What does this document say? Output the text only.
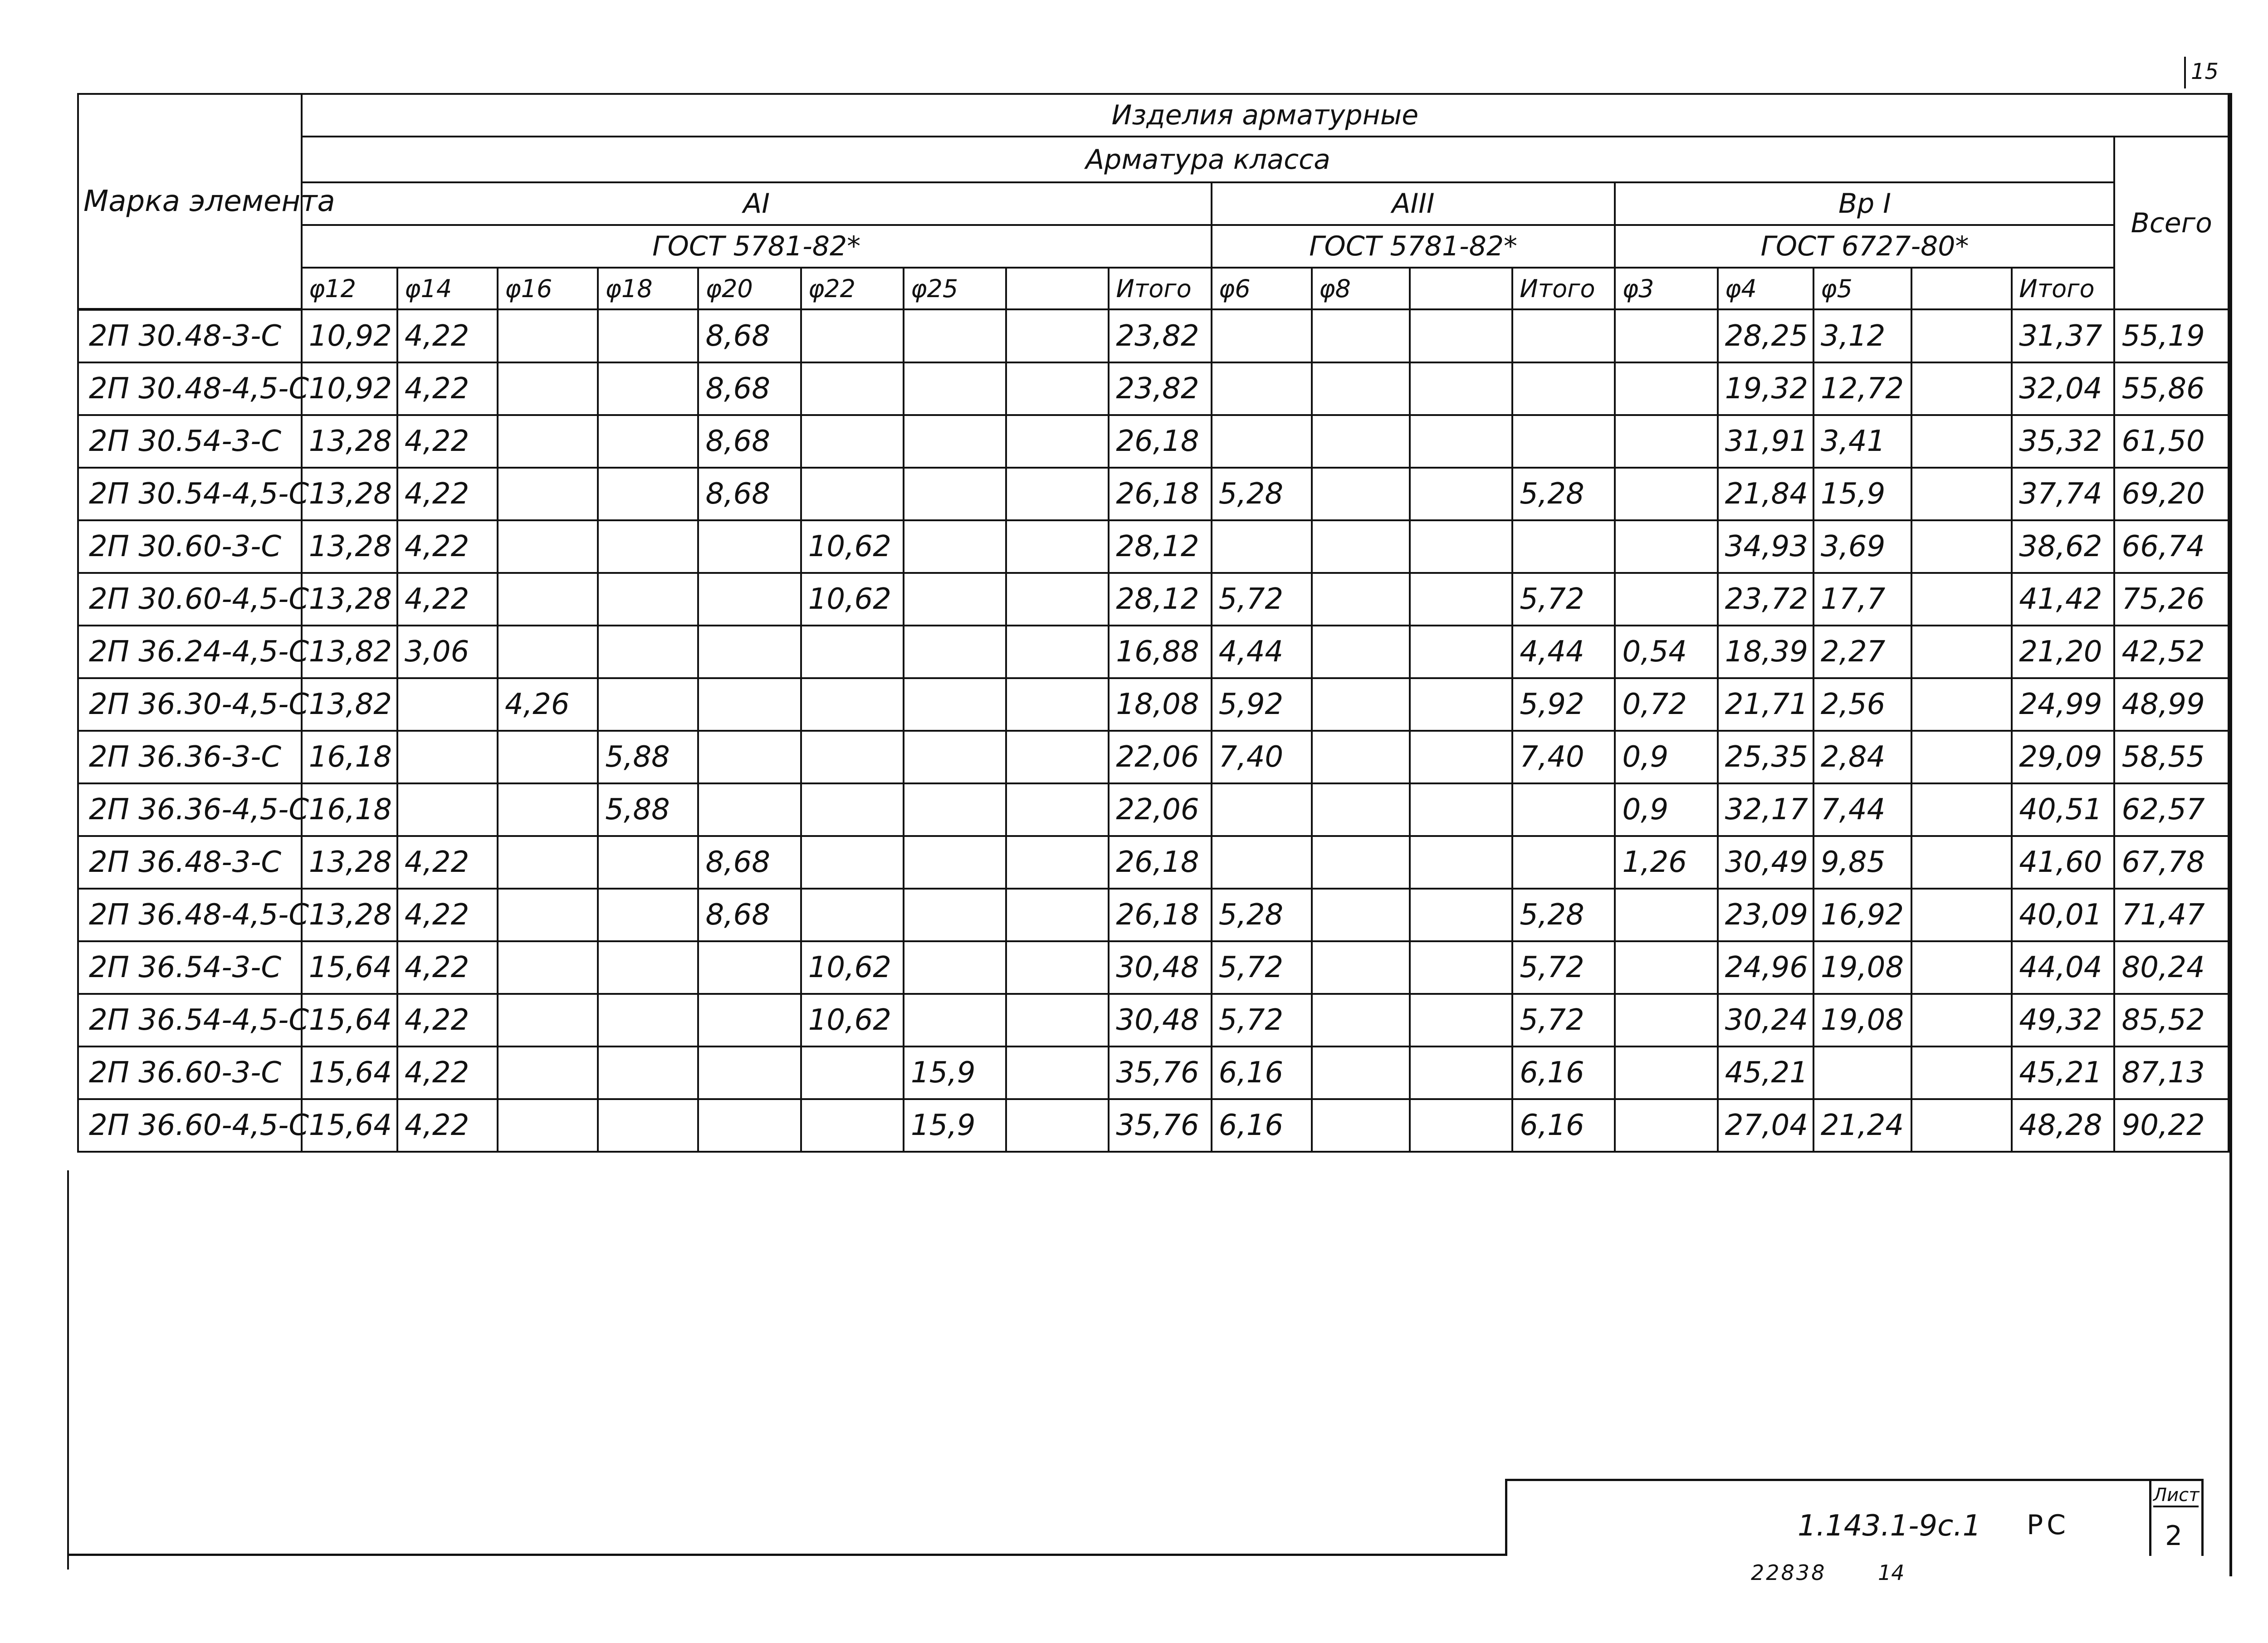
15
Марка элемента	Изделия арматурные																		
	Арматура класса																		Всего
	AI									AIII				Вр I					
	ГОСТ 5781-82*									ГОСТ 5781-82*				ГОСТ 6727-80*					
	φ12	φ14	φ16	φ18	φ20	φ22	φ25		Итого	φ6	φ8		Итого	φ3	φ4	φ5		Итого	
2П 30.48-3-С	10,92	4,22			8,68				23,82						28,25	3,12		31,37	55,19
2П 30.48-4,5-С	10,92	4,22			8,68				23,82						19,32	12,72		32,04	55,86
2П 30.54-3-С	13,28	4,22			8,68				26,18						31,91	3,41		35,32	61,50
2П 30.54-4,5-С	13,28	4,22			8,68				26,18	5,28			5,28		21,84	15,9		37,74	69,20
2П 30.60-3-С	13,28	4,22				10,62			28,12						34,93	3,69		38,62	66,74
2П 30.60-4,5-С	13,28	4,22				10,62			28,12	5,72			5,72		23,72	17,7		41,42	75,26
2П 36.24-4,5-С	13,82	3,06							16,88	4,44			4,44	0,54	18,39	2,27		21,20	42,52
2П 36.30-4,5-С	13,82		4,26						18,08	5,92			5,92	0,72	21,71	2,56		24,99	48,99
2П 36.36-3-С	16,18			5,88					22,06	7,40			7,40	0,9	25,35	2,84		29,09	58,55
2П 36.36-4,5-С	16,18			5,88					22,06					0,9	32,17	7,44		40,51	62,57
2П 36.48-3-С	13,28	4,22			8,68				26,18					1,26	30,49	9,85		41,60	67,78
2П 36.48-4,5-С	13,28	4,22			8,68				26,18	5,28			5,28		23,09	16,92		40,01	71,47
2П 36.54-3-С	15,64	4,22				10,62			30,48	5,72			5,72		24,96	19,08		44,04	80,24
2П 36.54-4,5-С	15,64	4,22				10,62			30,48	5,72			5,72		30,24	19,08		49,32	85,52
2П 36.60-3-С	15,64	4,22					15,9		35,76	6,16			6,16		45,21			45,21	87,13
2П 36.60-4,5-С	15,64	4,22					15,9		35,76	6,16			6,16		27,04	21,24		48,28	90,22
1.143.1-9с.1 РС
Лист
2
22838 14
